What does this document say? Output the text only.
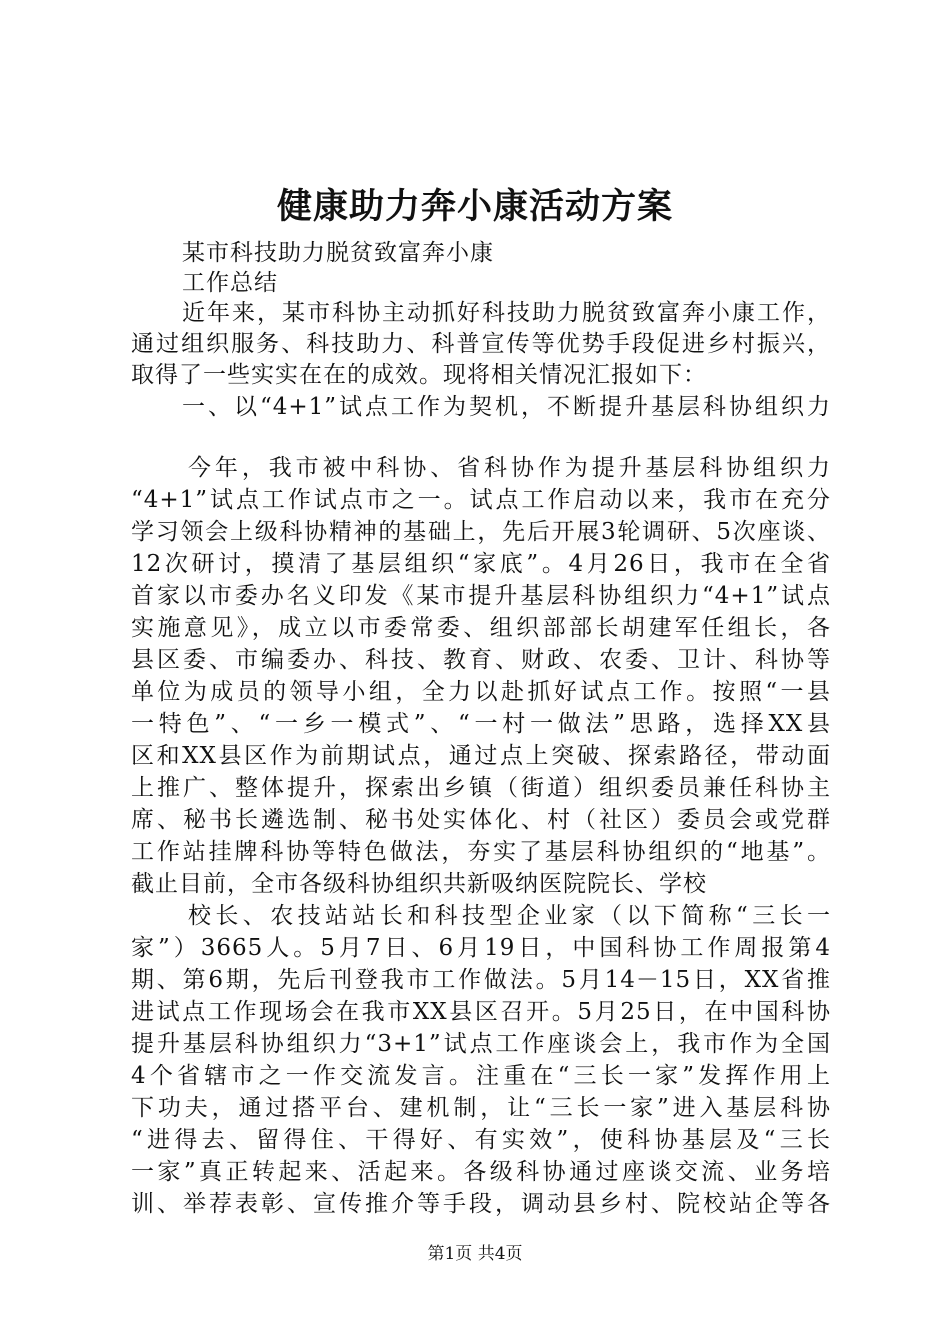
健康助力奔小康活动方案
某市科技助力脱贫致富奔小康
工作总结
近年来，某市科协主动抓好科技助力脱贫致富奔小康工作，
通过组织服务、科技助力、科普宣传等优势手段促进乡村振兴，
取得了一些实实在在的成效。现将相关情况汇报如下：
一、以“4+1”试点工作为契机，不断提升基层科协组织力
今年，我市被中科协、省科协作为提升基层科协组织力
“4+1”试点工作试点市之一。试点工作启动以来，我市在充分
学习领会上级科协精神的基础上，先后开展3轮调研、5次座谈、
12次研讨，摸清了基层组织“家底”。4月26日，我市在全省
首家以市委办名义印发《某市提升基层科协组织力“4+1”试点
实施意见》，成立以市委常委、组织部部长胡建军任组长，各
县区委、市编委办、科技、教育、财政、农委、卫计、科协等
单位为成员的领导小组，全力以赴抓好试点工作。按照“一县
一特色”、“一乡一模式”、“一村一做法”思路，选择XX县
区和XX县区作为前期试点，通过点上突破、探索路径，带动面
上推广、整体提升，探索出乡镇（街道）组织委员兼任科协主
席、秘书长遴选制、秘书处实体化、村（社区）委员会或党群
工作站挂牌科协等特色做法，夯实了基层科协组织的“地基”。
截止目前，全市各级科协组织共新吸纳医院院长、学校
校长、农技站站长和科技型企业家（以下简称“三长一
家”）3665人。5月7日、6月19日，中国科协工作周报第4
期、第6期，先后刊登我市工作做法。5月14－15日，XX省推
进试点工作现场会在我市XX县区召开。5月25日，在中国科协
提升基层科协组织力“3+1”试点工作座谈会上，我市作为全国
4个省辖市之一作交流发言。注重在“三长一家”发挥作用上
下功夫，通过搭平台、建机制，让“三长一家”进入基层科协
“进得去、留得住、干得好、有实效”，使科协基层及“三长
一家”真正转起来、活起来。各级科协通过座谈交流、业务培
训、举荐表彰、宣传推介等手段，调动县乡村、院校站企等各
第1页 共4页
